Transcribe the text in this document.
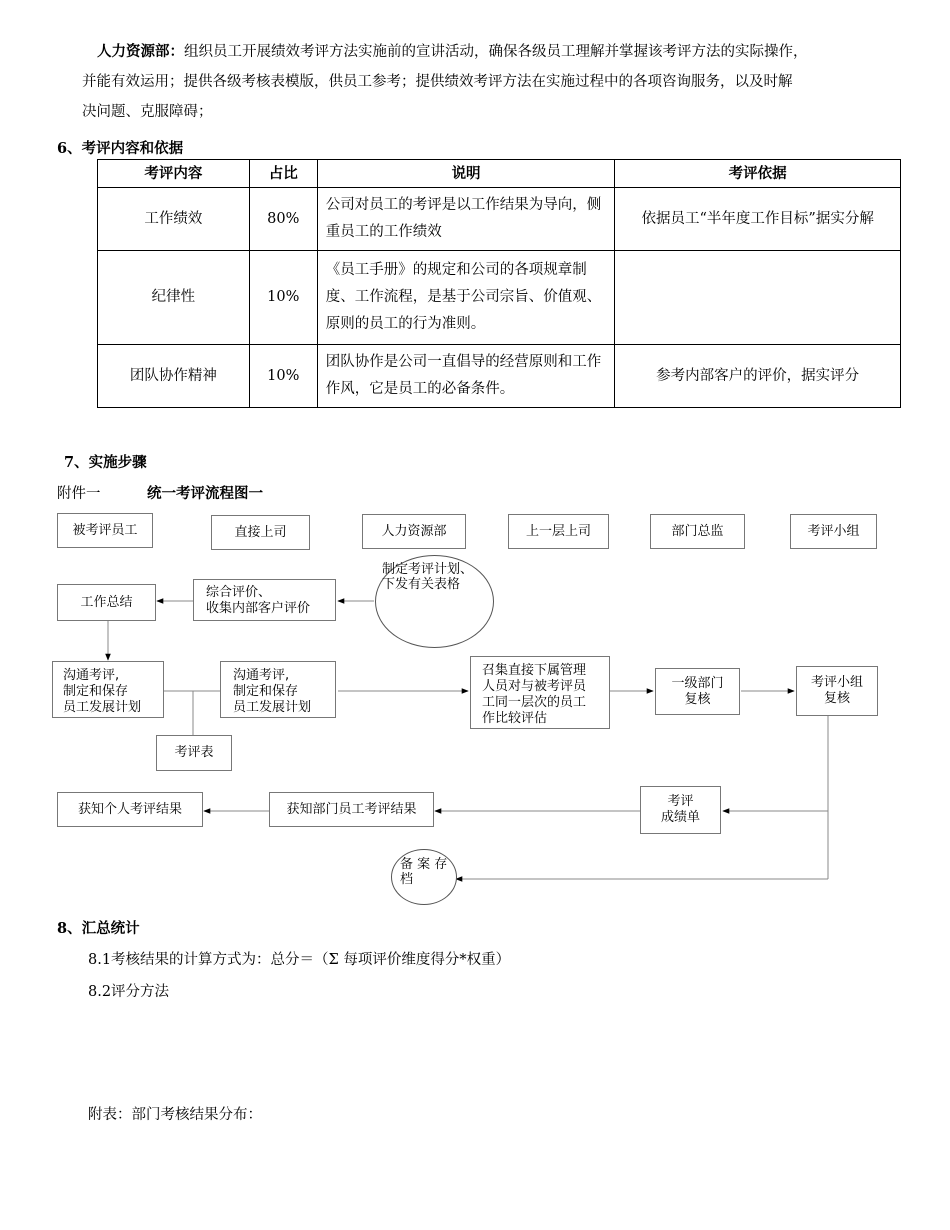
人力资源部：组织员工开展绩效考评方法实施前的宣讲活动，确保各级员工理解并掌握该考评方法的实际操作，
并能有效运用；提供各级考核表模版，供员工参考；提供绩效考评方法在实施过程中的各项咨询服务，以及时解
决问题、克服障碍；
6、考评内容和依据
考评内容	占比	说明	考评依据
工作绩效	80%	公司对员工的考评是以工作结果为导向，侧重员工的工作绩效	依据员工“半年度工作目标”据实分解
纪律性	10%	《员工手册》的规定和公司的各项规章制度、工作流程，是基于公司宗旨、价值观、原则的员工的行为准则。	
团队协作精神	10%	团队协作是公司一直倡导的经营原则和工作作风，它是员工的必备条件。	参考内部客户的评价，据实评分
7、实施步骤
附件一	统一考评流程图一
被考评员工	直接上司	人力资源部	上一层上司	部门总监	考评小组
制定考评计划、
下发有关表格
工作总结
综合评价、
收集内部客户评价
沟通考评,
制定和保存
员工发展计划
沟通考评,
制定和保存
员工发展计划
考评表
召集直接下属管理
人员对与被考评员
工同一层次的员工
作比较评估
一级部门
复核
考评小组
复核
获知个人考评结果	获知部门员工考评结果	考评
成绩单
备 案 存
档
8、汇总统计
8.1考核结果的计算方式为：总分＝（Σ 每项评价维度得分*权重）
8.2评分方法
附表：部门考核结果分布：
